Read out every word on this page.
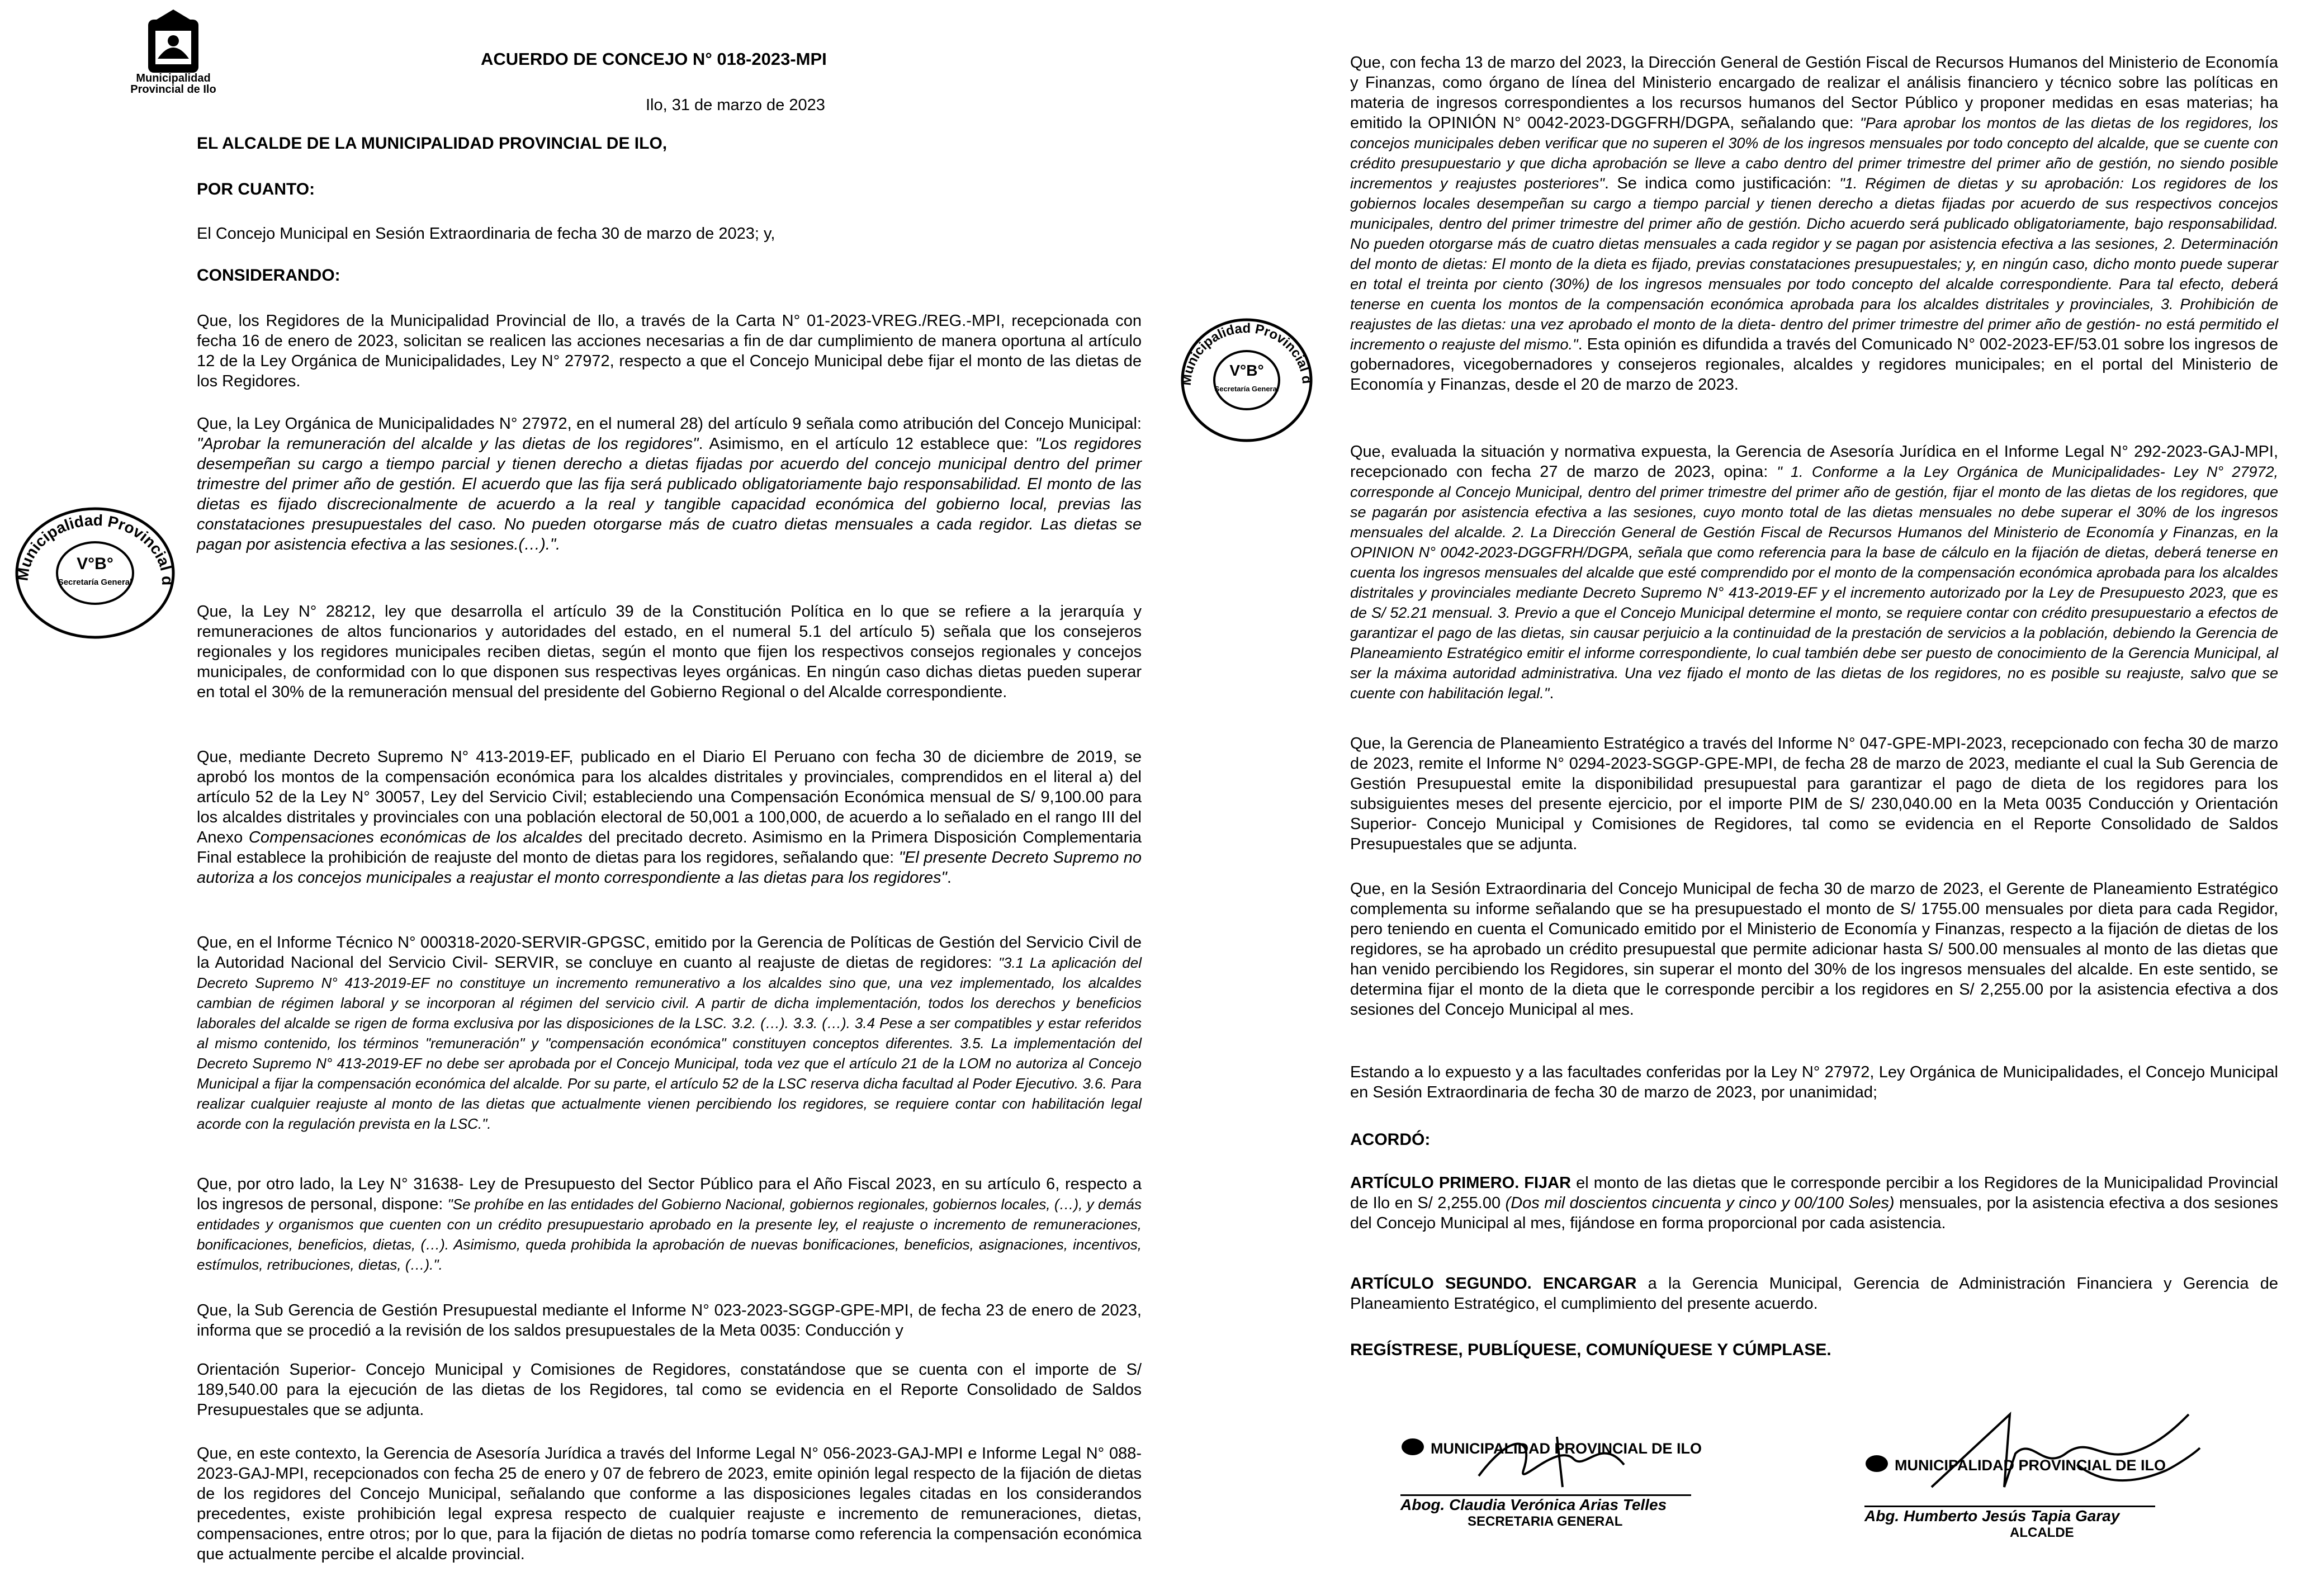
Municipalidad Provincial de Ilo
ACUERDO DE CONCEJO N° 018-2023-MPI
Ilo, 31 de marzo de 2023
EL ALCALDE DE LA MUNICIPALIDAD PROVINCIAL DE ILO,
POR CUANTO:
El Concejo Municipal en Sesión Extraordinaria de fecha 30 de marzo de 2023; y,
CONSIDERANDO:

Que, los Regidores de la Municipalidad Provincial de Ilo, a través de la Carta N° 01-2023-VREG./REG.-MPI, recepcionada con fecha 16 de enero de 2023, solicitan se realicen las acciones necesarias a fin de dar cumplimiento de manera oportuna al artículo 12 de la Ley Orgánica de Municipalidades, Ley N° 27972, respecto a que el Concejo Municipal debe fijar el monto de las dietas de los Regidores.

Que, la Ley Orgánica de Municipalidades N° 27972, en el numeral 28) del artículo 9 señala como atribución del Concejo Municipal: "Aprobar la remuneración del alcalde y las dietas de los regidores". Asimismo, en el artículo 12 establece que: "Los regidores desempeñan su cargo a tiempo parcial y tienen derecho a dietas fijadas por acuerdo del concejo municipal dentro del primer trimestre del primer año de gestión. El acuerdo que las fija será publicado obligatoriamente bajo responsabilidad. El monto de las dietas es fijado discrecionalmente de acuerdo a la real y tangible capacidad económica del gobierno local, previas las constataciones presupuestales del caso. No pueden otorgarse más de cuatro dietas mensuales a cada regidor. Las dietas se pagan por asistencia efectiva a las sesiones.(…).".

Que, la Ley N° 28212, ley que desarrolla el artículo 39 de la Constitución Política en lo que se refiere a la jerarquía y remuneraciones de altos funcionarios y autoridades del estado, en el numeral 5.1 del artículo 5) señala que los consejeros regionales y los regidores municipales reciben dietas, según el monto que fijen los respectivos consejos regionales y concejos municipales, de conformidad con lo que disponen sus respectivas leyes orgánicas. En ningún caso dichas dietas pueden superar en total el 30% de la remuneración mensual del presidente del Gobierno Regional o del Alcalde correspondiente.

Que, mediante Decreto Supremo N° 413-2019-EF, publicado en el Diario El Peruano con fecha 30 de diciembre de 2019, se aprobó los montos de la compensación económica para los alcaldes distritales y provinciales, comprendidos en el literal a) del artículo 52 de la Ley N° 30057, Ley del Servicio Civil; estableciendo una Compensación Económica mensual de S/ 9,100.00 para los alcaldes distritales y provinciales con una población electoral de 50,001 a 100,000, de acuerdo a lo señalado en el rango III del Anexo Compensaciones económicas de los alcaldes del precitado decreto. Asimismo en la Primera Disposición Complementaria Final establece la prohibición de reajuste del monto de dietas para los regidores, señalando que: "El presente Decreto Supremo no autoriza a los concejos municipales a reajustar el monto correspondiente a las dietas para los regidores".

Que, en el Informe Técnico N° 000318-2020-SERVIR-GPGSC, emitido por la Gerencia de Políticas de Gestión del Servicio Civil de la Autoridad Nacional del Servicio Civil- SERVIR, se concluye en cuanto al reajuste de dietas de regidores: "3.1 La aplicación del Decreto Supremo N° 413-2019-EF no constituye un incremento remunerativo a los alcaldes sino que, una vez implementado, los alcaldes cambian de régimen laboral y se incorporan al régimen del servicio civil. A partir de dicha implementación, todos los derechos y beneficios laborales del alcalde se rigen de forma exclusiva por las disposiciones de la LSC. 3.2. (…). 3.3. (…). 3.4 Pese a ser compatibles y estar referidos al mismo contenido, los términos "remuneración" y "compensación económica" constituyen conceptos diferentes. 3.5. La implementación del Decreto Supremo N° 413-2019-EF no debe ser aprobada por el Concejo Municipal, toda vez que el artículo 21 de la LOM no autoriza al Concejo Municipal a fijar la compensación económica del alcalde. Por su parte, el artículo 52 de la LSC reserva dicha facultad al Poder Ejecutivo. 3.6. Para realizar cualquier reajuste al monto de las dietas que actualmente vienen percibiendo los regidores, se requiere contar con habilitación legal acorde con la regulación prevista en la LSC.".

Que, por otro lado, la Ley N° 31638- Ley de Presupuesto del Sector Público para el Año Fiscal 2023, en su artículo 6, respecto a los ingresos de personal, dispone: "Se prohíbe en las entidades del Gobierno Nacional, gobiernos regionales, gobiernos locales, (…), y demás entidades y organismos que cuenten con un crédito presupuestario aprobado en la presente ley, el reajuste o incremento de remuneraciones, bonificaciones, beneficios, dietas, (…). Asimismo, queda prohibida la aprobación de nuevas bonificaciones, beneficios, asignaciones, incentivos, estímulos, retribuciones, dietas, (…).".

Que, la Sub Gerencia de Gestión Presupuestal mediante el Informe N° 023-2023-SGGP-GPE-MPI, de fecha 23 de enero de 2023, informa que se procedió a la revisión de los saldos presupuestales de la Meta 0035: Conducción y

Orientación Superior- Concejo Municipal y Comisiones de Regidores, constatándose que se cuenta con el importe de S/ 189,540.00 para la ejecución de las dietas de los Regidores, tal como se evidencia en el Reporte Consolidado de Saldos Presupuestales que se adjunta.

Que, en este contexto, la Gerencia de Asesoría Jurídica a través del Informe Legal N° 056-2023-GAJ-MPI e Informe Legal N° 088-2023-GAJ-MPI, recepcionados con fecha 25 de enero y 07 de febrero de 2023, emite opinión legal respecto de la fijación de dietas de los regidores del Concejo Municipal, señalando que conforme a las disposiciones legales citadas en los considerandos precedentes, existe prohibición legal expresa respecto de cualquier reajuste e incremento de remuneraciones, dietas, compensaciones, entre otros; por lo que, para la fijación de dietas no podría tomarse como referencia la compensación económica que actualmente percibe el alcalde provincial.

Municipalidad Provincial d
V°B°
Secretaría General

Que, con fecha 13 de marzo del 2023, la Dirección General de Gestión Fiscal de Recursos Humanos del Ministerio de Economía y Finanzas, como órgano de línea del Ministerio encargado de realizar el análisis financiero y técnico sobre las políticas en materia de ingresos correspondientes a los recursos humanos del Sector Público y proponer medidas en esas materias; ha emitido la OPINIÓN N° 0042-2023-DGGFRH/DGPA, señalando que: "Para aprobar los montos de las dietas de los regidores, los concejos municipales deben verificar que no superen el 30% de los ingresos mensuales por todo concepto del alcalde, que se cuente con crédito presupuestario y que dicha aprobación se lleve a cabo dentro del primer trimestre del primer año de gestión, no siendo posible incrementos y reajustes posteriores". Se indica como justificación: "1. Régimen de dietas y su aprobación: Los regidores de los gobiernos locales desempeñan su cargo a tiempo parcial y tienen derecho a dietas fijadas por acuerdo de sus respectivos concejos municipales, dentro del primer trimestre del primer año de gestión. Dicho acuerdo será publicado obligatoriamente, bajo responsabilidad. No pueden otorgarse más de cuatro dietas mensuales a cada regidor y se pagan por asistencia efectiva a las sesiones, 2. Determinación del monto de dietas: El monto de la dieta es fijado, previas constataciones presupuestales; y, en ningún caso, dicho monto puede superar en total el treinta por ciento (30%) de los ingresos mensuales por todo concepto del alcalde correspondiente. Para tal efecto, deberá tenerse en cuenta los montos de la compensación económica aprobada para los alcaldes distritales y provinciales, 3. Prohibición de reajustes de las dietas: una vez aprobado el monto de la dieta- dentro del primer trimestre del primer año de gestión- no está permitido el incremento o reajuste del mismo.". Esta opinión es difundida a través del Comunicado N° 002-2023-EF/53.01 sobre los ingresos de gobernadores, vicegobernadores y consejeros regionales, alcaldes y regidores municipales; en el portal del Ministerio de Economía y Finanzas, desde el 20 de marzo de 2023.

Que, evaluada la situación y normativa expuesta, la Gerencia de Asesoría Jurídica en el Informe Legal N° 292-2023-GAJ-MPI, recepcionado con fecha 27 de marzo de 2023, opina: " 1. Conforme a la Ley Orgánica de Municipalidades- Ley N° 27972, corresponde al Concejo Municipal, dentro del primer trimestre del primer año de gestión, fijar el monto de las dietas de los regidores, que se pagarán por asistencia efectiva a las sesiones, cuyo monto total de las dietas mensuales no debe superar el 30% de los ingresos mensuales del alcalde. 2. La Dirección General de Gestión Fiscal de Recursos Humanos del Ministerio de Economía y Finanzas, en la OPINION N° 0042-2023-DGGFRH/DGPA, señala que como referencia para la base de cálculo en la fijación de dietas, deberá tenerse en cuenta los ingresos mensuales del alcalde que esté comprendido por el monto de la compensación económica aprobada para los alcaldes distritales y provinciales mediante Decreto Supremo N° 413-2019-EF y el incremento autorizado por la Ley de Presupuesto 2023, que es de S/ 52.21 mensual. 3. Previo a que el Concejo Municipal determine el monto, se requiere contar con crédito presupuestario a efectos de garantizar el pago de las dietas, sin causar perjuicio a la continuidad de la prestación de servicios a la población, debiendo la Gerencia de Planeamiento Estratégico emitir el informe correspondiente, lo cual también debe ser puesto de conocimiento de la Gerencia Municipal, al ser la máxima autoridad administrativa. Una vez fijado el monto de las dietas de los regidores, no es posible su reajuste, salvo que se cuente con habilitación legal.".

Que, la Gerencia de Planeamiento Estratégico a través del Informe N° 047-GPE-MPI-2023, recepcionado con fecha 30 de marzo de 2023, remite el Informe N° 0294-2023-SGGP-GPE-MPI, de fecha 28 de marzo de 2023, mediante el cual la Sub Gerencia de Gestión Presupuestal emite la disponibilidad presupuestal para garantizar el pago de dieta de los regidores para los subsiguientes meses del presente ejercicio, por el importe PIM de S/ 230,040.00 en la Meta 0035 Conducción y Orientación Superior- Concejo Municipal y Comisiones de Regidores, tal como se evidencia en el Reporte Consolidado de Saldos Presupuestales que se adjunta.

Que, en la Sesión Extraordinaria del Concejo Municipal de fecha 30 de marzo de 2023, el Gerente de Planeamiento Estratégico complementa su informe señalando que se ha presupuestado el monto de S/ 1755.00 mensuales por dieta para cada Regidor, pero teniendo en cuenta el Comunicado emitido por el Ministerio de Economía y Finanzas, respecto a la fijación de dietas de los regidores, se ha aprobado un crédito presupuestal que permite adicionar hasta S/ 500.00 mensuales al monto de las dietas que han venido percibiendo los Regidores, sin superar el monto del 30% de los ingresos mensuales del alcalde. En este sentido, se determina fijar el monto de la dieta que le corresponde percibir a los regidores en S/ 2,255.00 por la asistencia efectiva a dos sesiones del Concejo Municipal al mes.

Estando a lo expuesto y a las facultades conferidas por la Ley N° 27972, Ley Orgánica de Municipalidades, el Concejo Municipal en Sesión Extraordinaria de fecha 30 de marzo de 2023, por unanimidad;

ACORDÓ:

ARTÍCULO PRIMERO. FIJAR el monto de las dietas que le corresponde percibir a los Regidores de la Municipalidad Provincial de Ilo en S/ 2,255.00 (Dos mil doscientos cincuenta y cinco y 00/100 Soles) mensuales, por la asistencia efectiva a dos sesiones del Concejo Municipal al mes, fijándose en forma proporcional por cada asistencia.

ARTÍCULO SEGUNDO. ENCARGAR a la Gerencia Municipal, Gerencia de Administración Financiera y Gerencia de Planeamiento Estratégico, el cumplimiento del presente acuerdo.

REGÍSTRESE, PUBLÍQUESE, COMUNÍQUESE Y CÚMPLASE.
Municipalidad Provincial d
V°B°
Secretaría General
MUNICIPALIDAD PROVINCIAL DE ILO
Abog. Claudia Verónica Arias Telles
SECRETARIA GENERAL
MUNICIPALIDAD PROVINCIAL DE ILO
Abg. Humberto Jesús Tapia Garay
ALCALDE
